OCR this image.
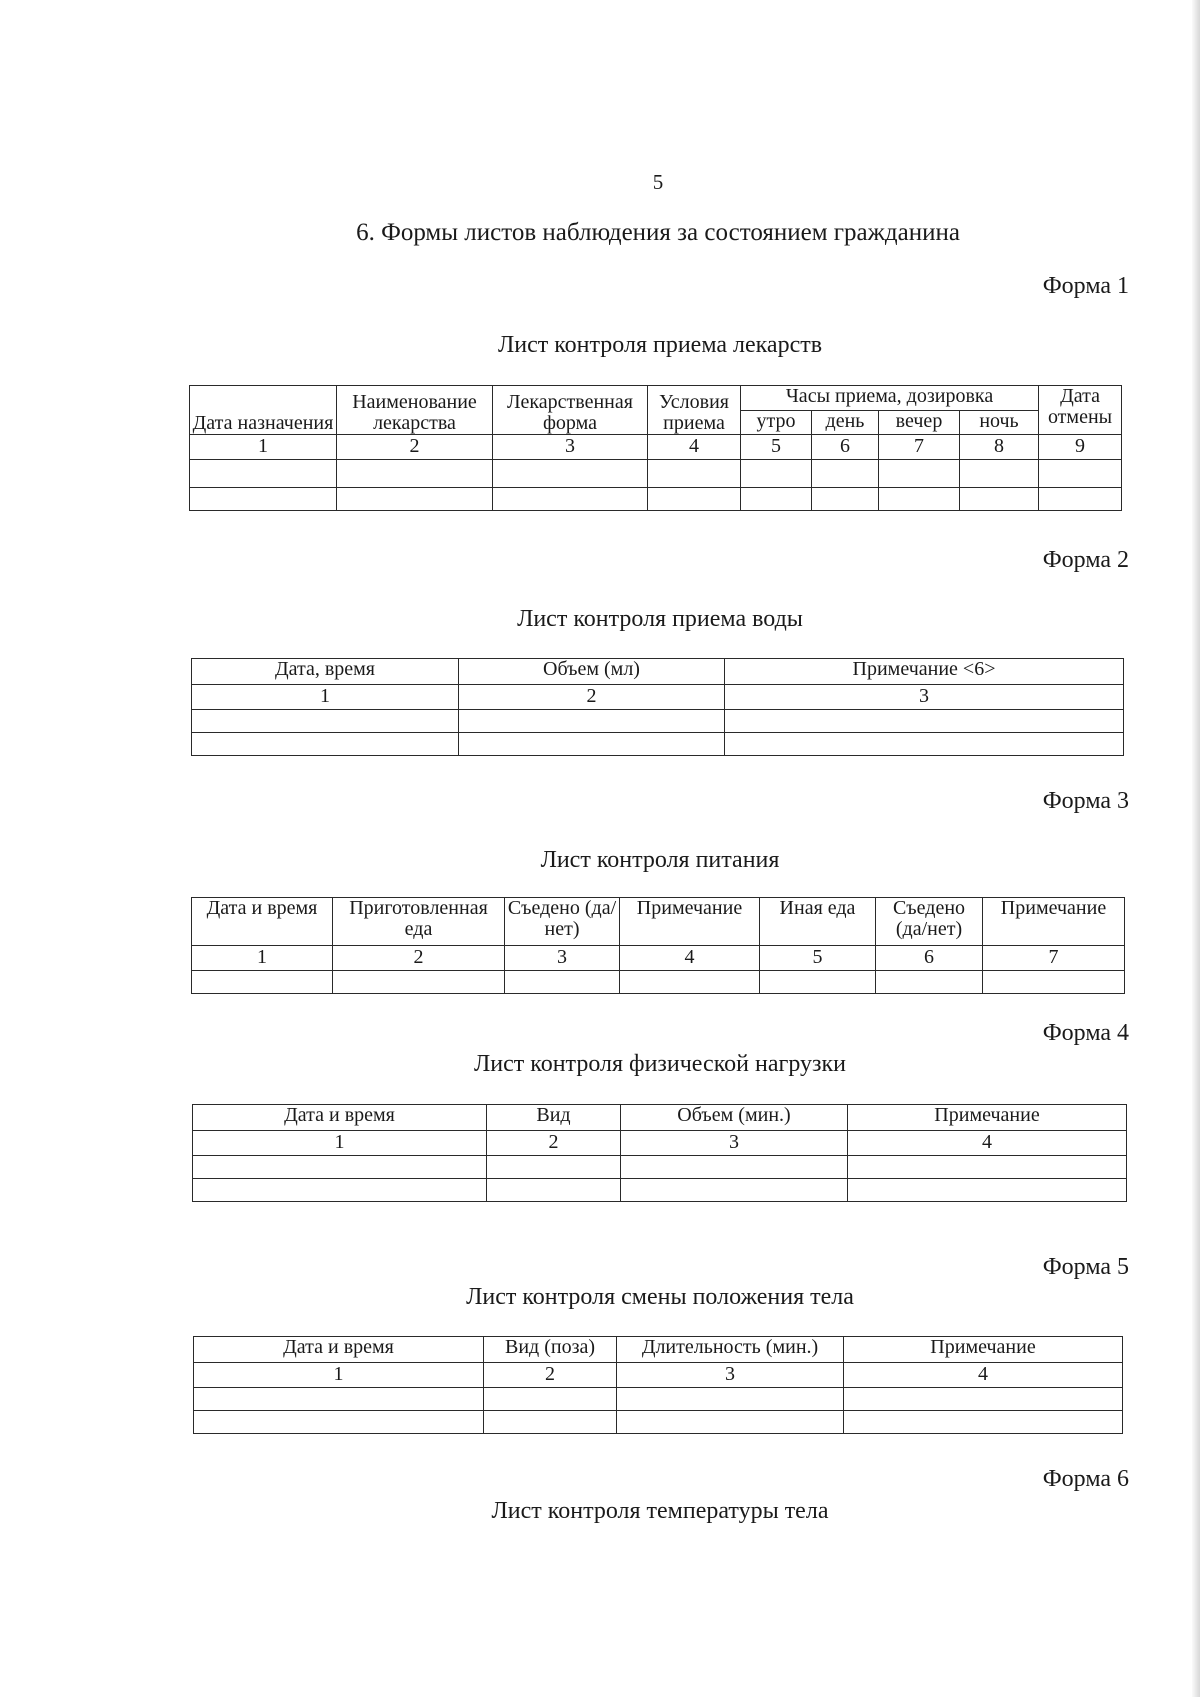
5
6. Формы листов наблюдения за состоянием гражданина
Форма 1
Лист контроля приема лекарств
Дата назначения	Наименование лекарства	Лекарственная форма	Условия приема	Часы приема, дозировка				Дата отмены
				утро	день	вечер	ночь	
1	2	3	4	5	6	7	8	9

Форма 2
Лист контроля приема воды
Дата, время	Объем (мл)	Примечание <6>
1	2	3

Форма 3
Лист контроля питания
Дата и время	Приготовленная еда	Съедено (да/нет)	Примечание	Иная еда	Съедено (да/нет)	Примечание
1	2	3	4	5	6	7

Форма 4
Лист контроля физической нагрузки
Дата и время	Вид	Объем (мин.)	Примечание
1	2	3	4

Форма 5
Лист контроля смены положения тела
Дата и время	Вид (поза)	Длительность (мин.)	Примечание
1	2	3	4

Форма 6
Лист контроля температуры тела
